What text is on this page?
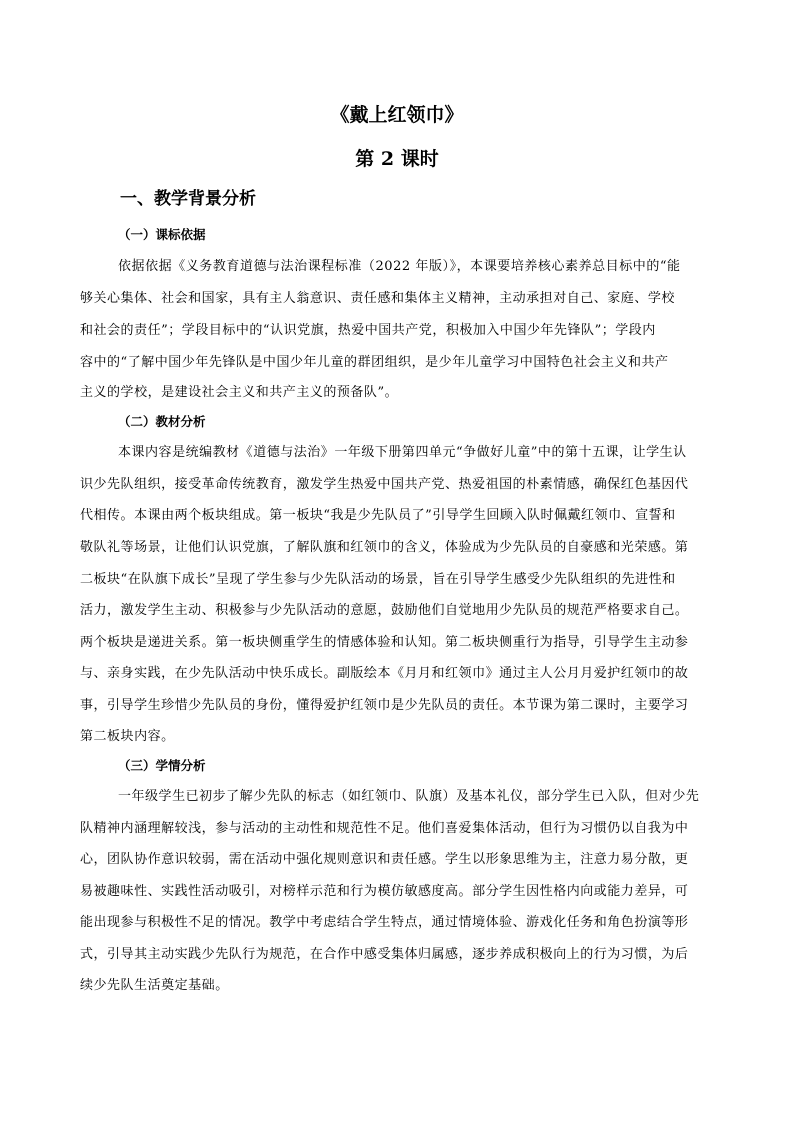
《戴上红领巾》
第 2 课时
一、教学背景分析
（一）课标依据
依据依据《义务教育道德与法治课程标准（2022 年版）》，本课要培养核心素养总目标中的“能
够关心集体、社会和国家，具有主人翁意识、责任感和集体主义精神，主动承担对自己、家庭、学校
和社会的责任”；学段目标中的“认识党旗，热爱中国共产党，积极加入中国少年先锋队”；学段内
容中的“了解中国少年先锋队是中国少年儿童的群团组织，是少年儿童学习中国特色社会主义和共产
主义的学校，是建设社会主义和共产主义的预备队”。
（二）教材分析
本课内容是统编教材《道德与法治》一年级下册第四单元“争做好儿童”中的第十五课，让学生认
识少先队组织，接受革命传统教育，激发学生热爱中国共产党、热爱祖国的朴素情感，确保红色基因代
代相传。本课由两个板块组成。第一板块“我是少先队员了”引导学生回顾入队时佩戴红领巾、宣誓和
敬队礼等场景，让他们认识党旗，了解队旗和红领巾的含义，体验成为少先队员的自豪感和光荣感。第
二板块“在队旗下成长”呈现了学生参与少先队活动的场景，旨在引导学生感受少先队组织的先进性和
活力，激发学生主动、积极参与少先队活动的意愿，鼓励他们自觉地用少先队员的规范严格要求自己。
两个板块是递进关系。第一板块侧重学生的情感体验和认知。第二板块侧重行为指导，引导学生主动参
与、亲身实践，在少先队活动中快乐成长。副版绘本《月月和红领巾》通过主人公月月爱护红领巾的故
事，引导学生珍惜少先队员的身份，懂得爱护红领巾是少先队员的责任。本节课为第二课时，主要学习
第二板块内容。
（三）学情分析
一年级学生已初步了解少先队的标志（如红领巾、队旗）及基本礼仪，部分学生已入队，但对少先
队精神内涵理解较浅，参与活动的主动性和规范性不足。他们喜爱集体活动，但行为习惯仍以自我为中
心，团队协作意识较弱，需在活动中强化规则意识和责任感。学生以形象思维为主，注意力易分散，更
易被趣味性、实践性活动吸引，对榜样示范和行为模仿敏感度高。部分学生因性格内向或能力差异，可
能出现参与积极性不足的情况。教学中考虑结合学生特点，通过情境体验、游戏化任务和角色扮演等形
式，引导其主动实践少先队行为规范，在合作中感受集体归属感，逐步养成积极向上的行为习惯，为后
续少先队生活奠定基础。
